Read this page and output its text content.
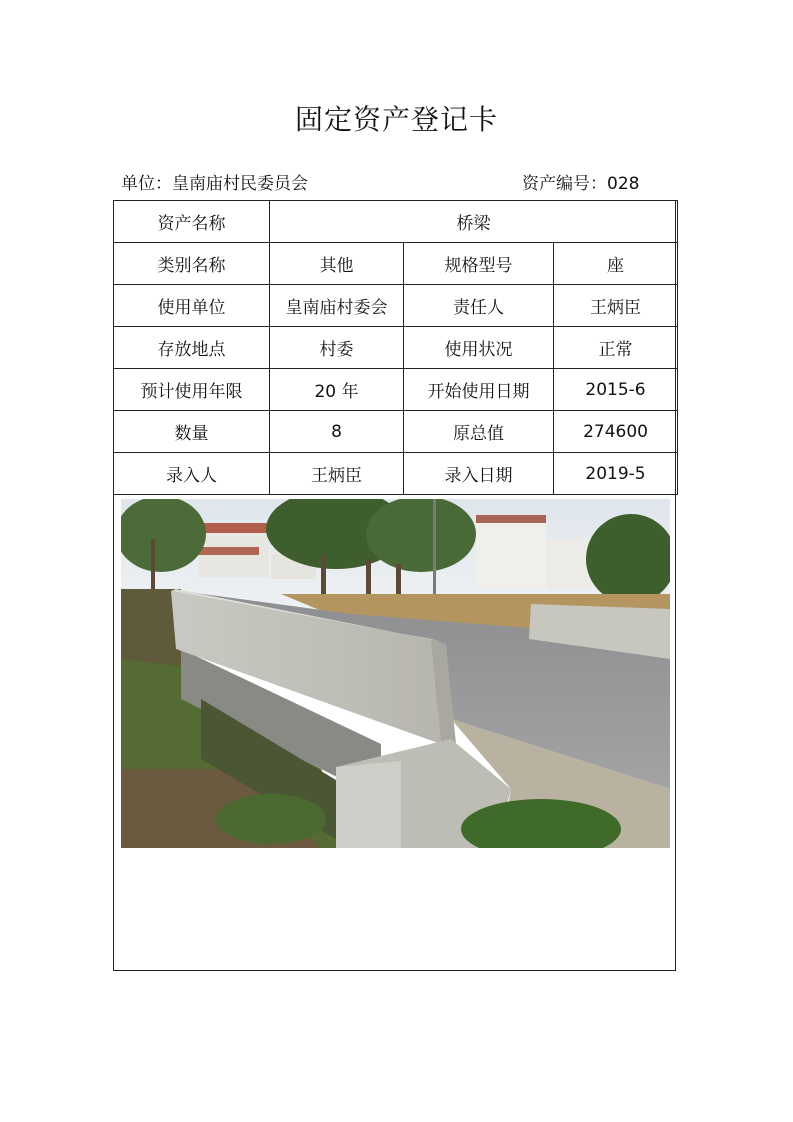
固定资产登记卡
单位：皇南庙村民委员会	资产编号：028
资产名称	桥梁		
类别名称	其他	规格型号	座
使用单位	皇南庙村委会	责任人	王炳臣
存放地点	村委	使用状况	正常
预计使用年限	20 年	开始使用日期	2015-6
数量	8	原总值	274600
录入人	王炳臣	录入日期	2019-5
